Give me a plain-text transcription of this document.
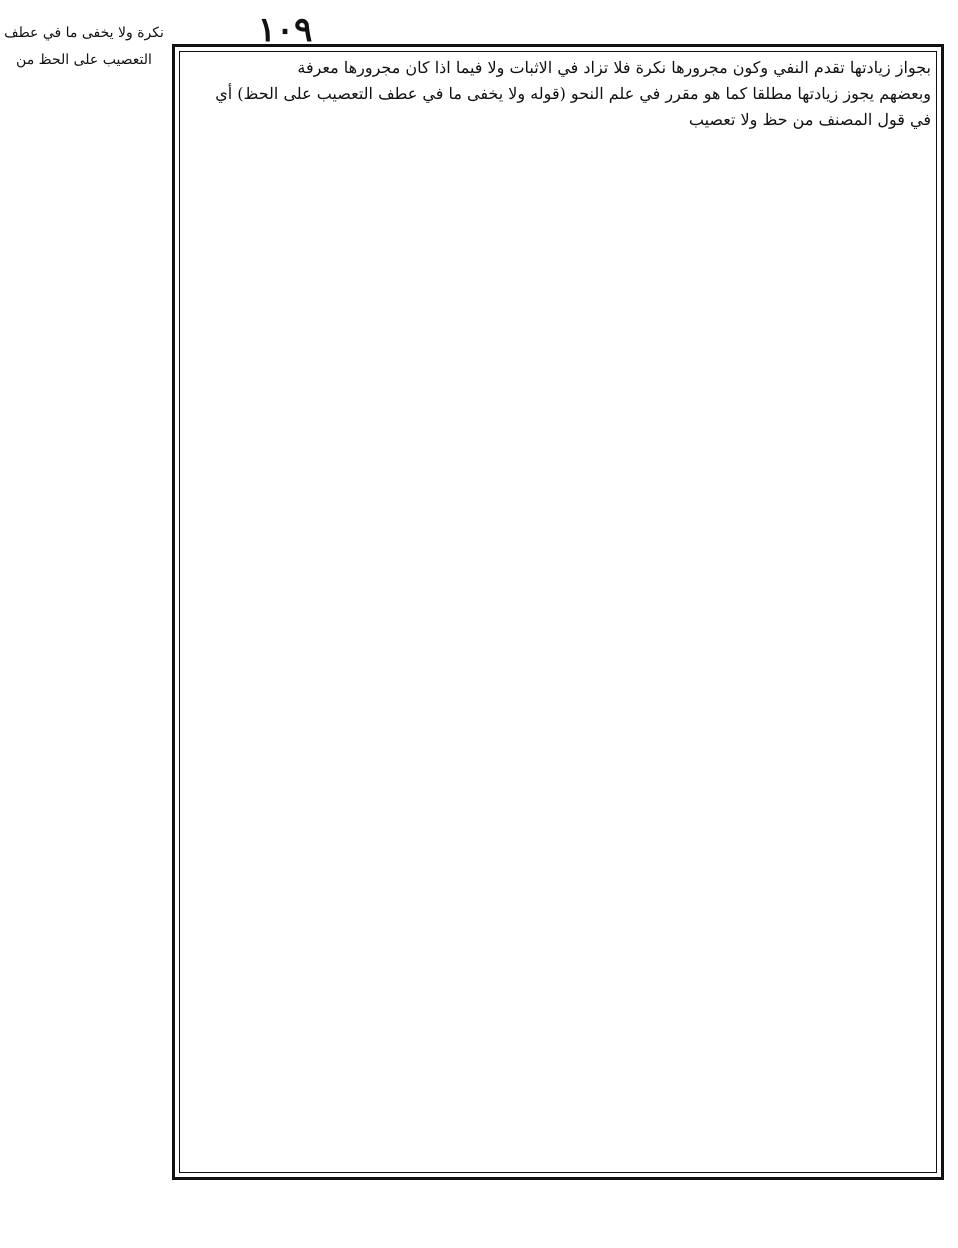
١٠٩
بجواز زيادتها تقدم النفي وكون مجرورها نكرة فلا تزاد في الاثبات ولا فيما اذا كان مجرورها معرفة
وبعضهم يجوز زيادتها مطلقا كما هو مقرر في علم النحو (قوله ولا يخفى ما في عطف التعصيب على الحظ) أي
في قول المصنف من حظ ولا تعصيب
نكرة ولا يخفى ما في عطف
التعصيب على الحظ من
